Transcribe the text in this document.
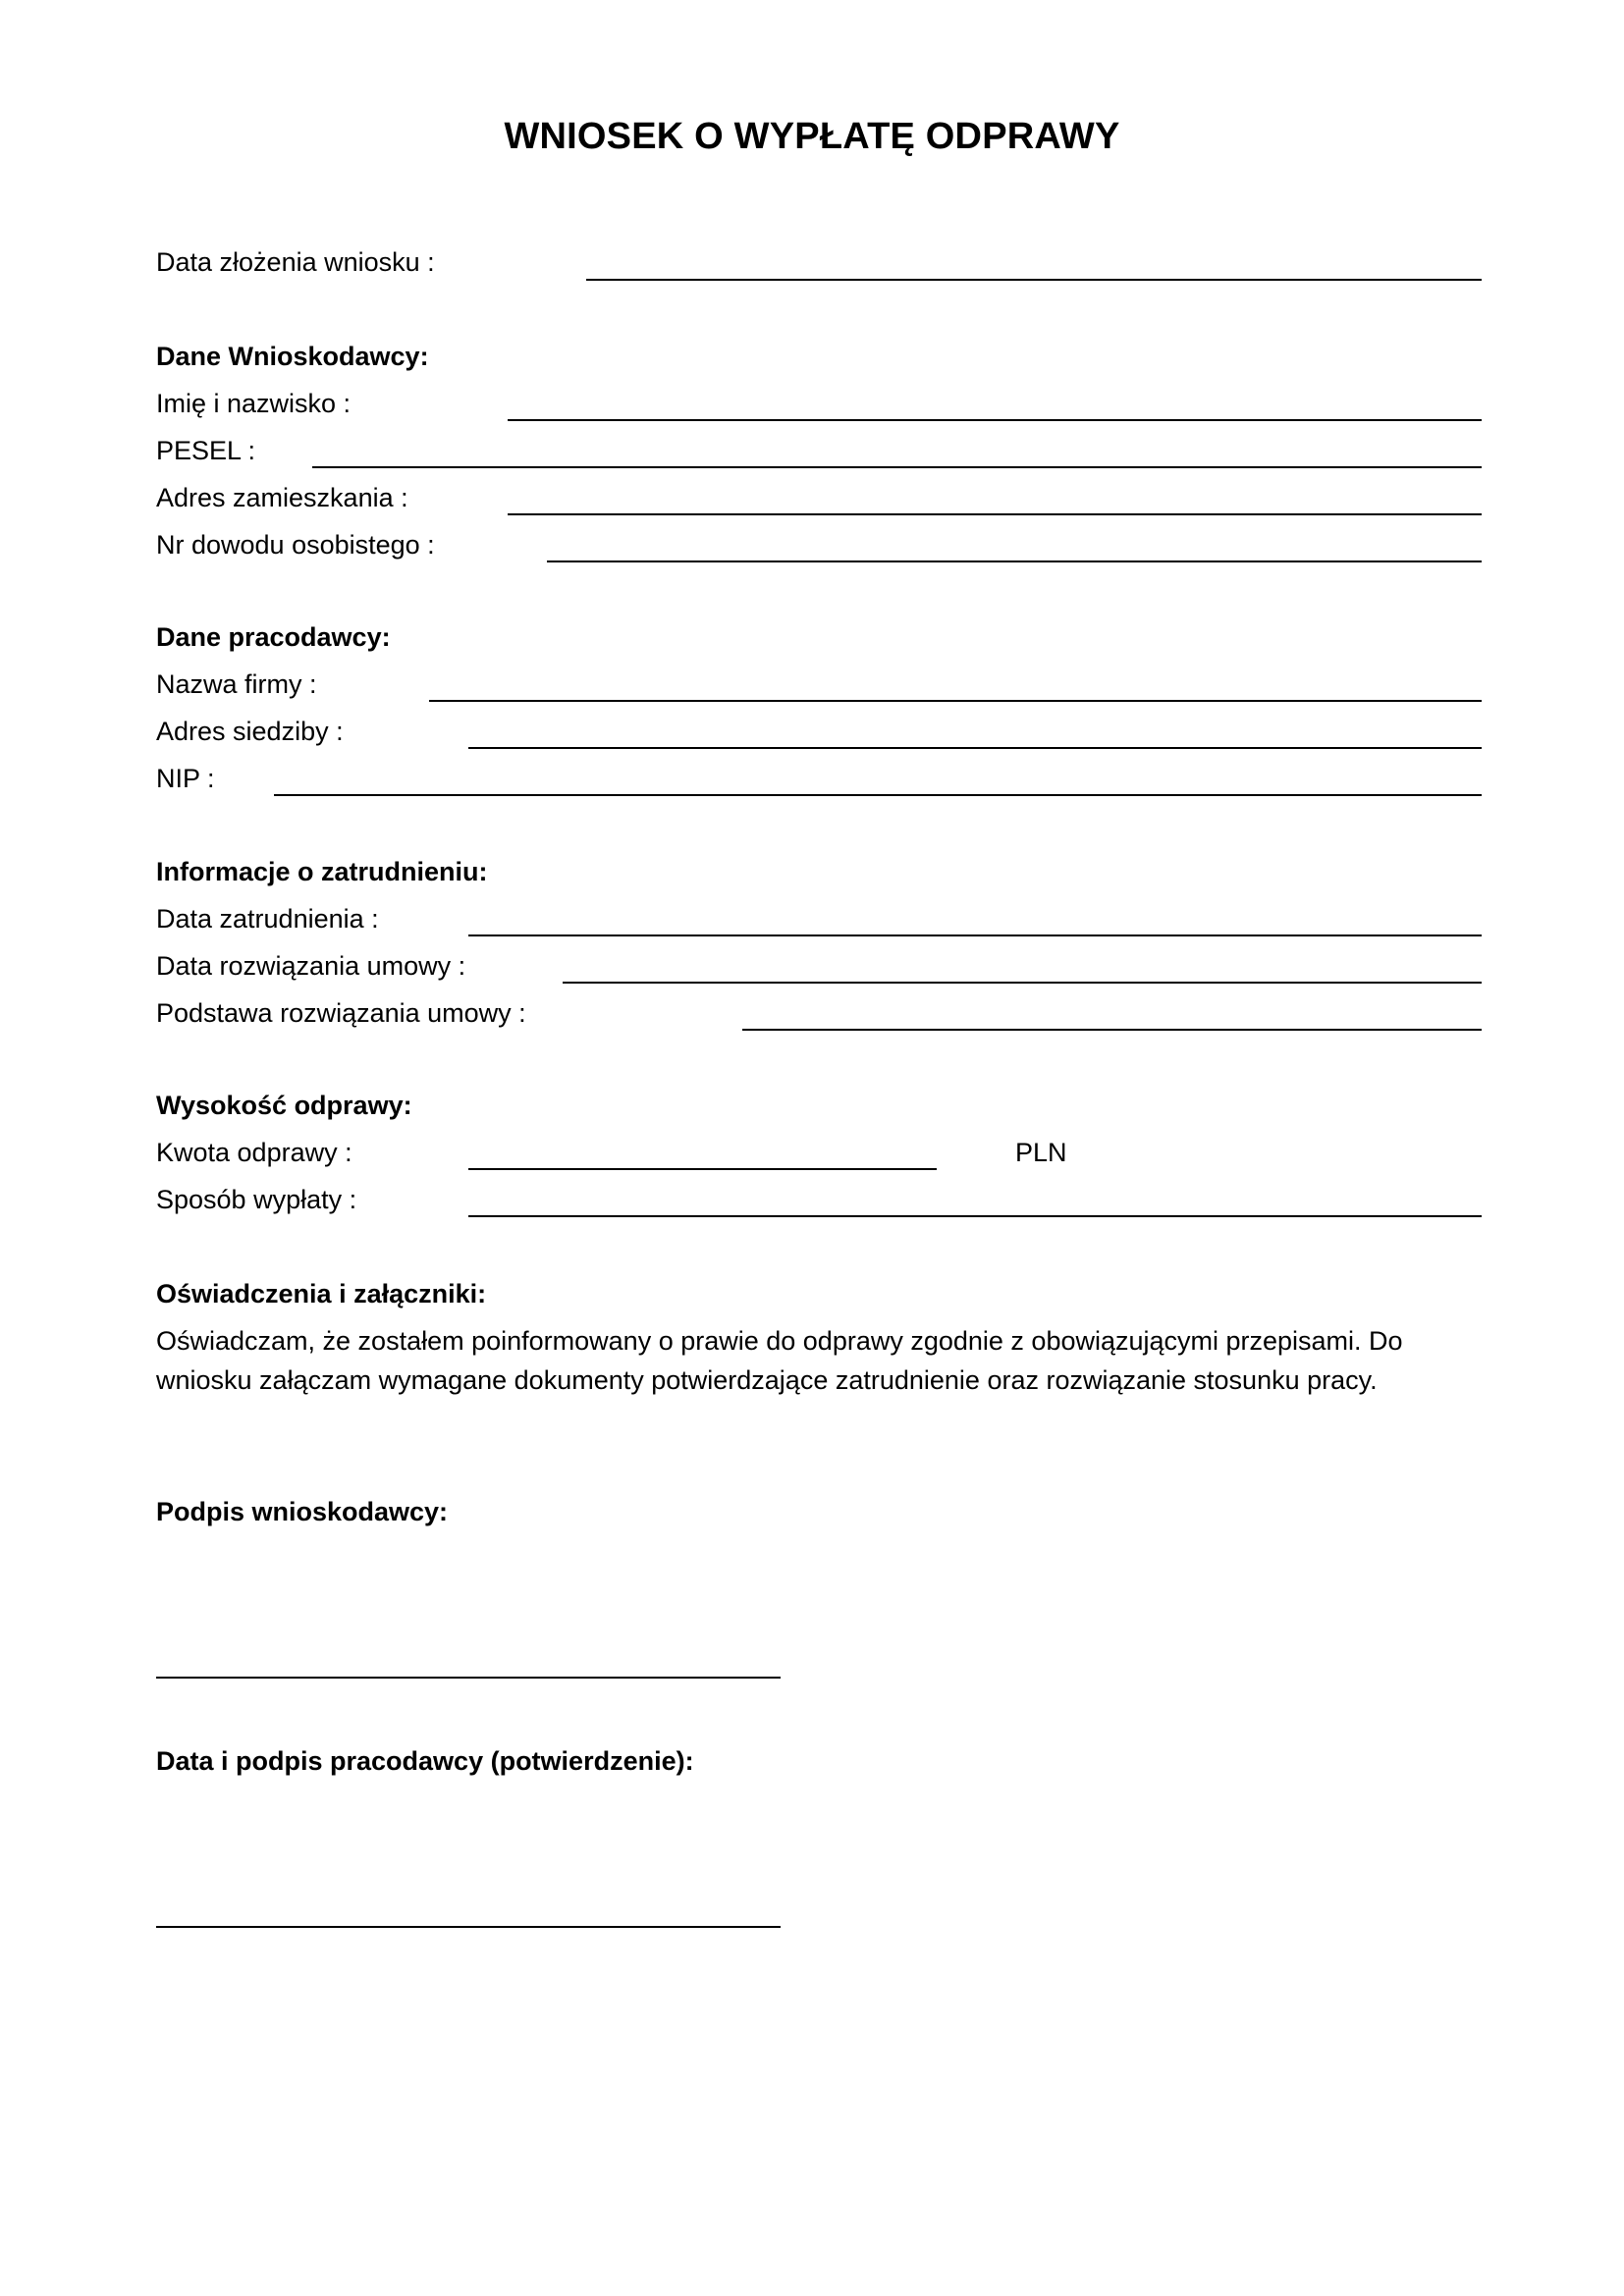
WNIOSEK O WYPŁATĘ ODPRAWY
Data złożenia wniosku :
Dane Wnioskodawcy:
Imię i nazwisko :
PESEL :
Adres zamieszkania :
Nr dowodu osobistego :
Dane pracodawcy:
Nazwa firmy :
Adres siedziby :
NIP :
Informacje o zatrudnieniu:
Data zatrudnienia :
Data rozwiązania umowy :
Podstawa rozwiązania umowy :
Wysokość odprawy:
Kwota odprawy :	PLN
Sposób wypłaty :
Oświadczenia i załączniki:
Oświadczam, że zostałem poinformowany o prawie do odprawy zgodnie z obowiązującymi przepisami. Do wniosku załączam wymagane dokumenty potwierdzające zatrudnienie oraz rozwiązanie stosunku pracy.
Podpis wnioskodawcy:
Data i podpis pracodawcy (potwierdzenie):
